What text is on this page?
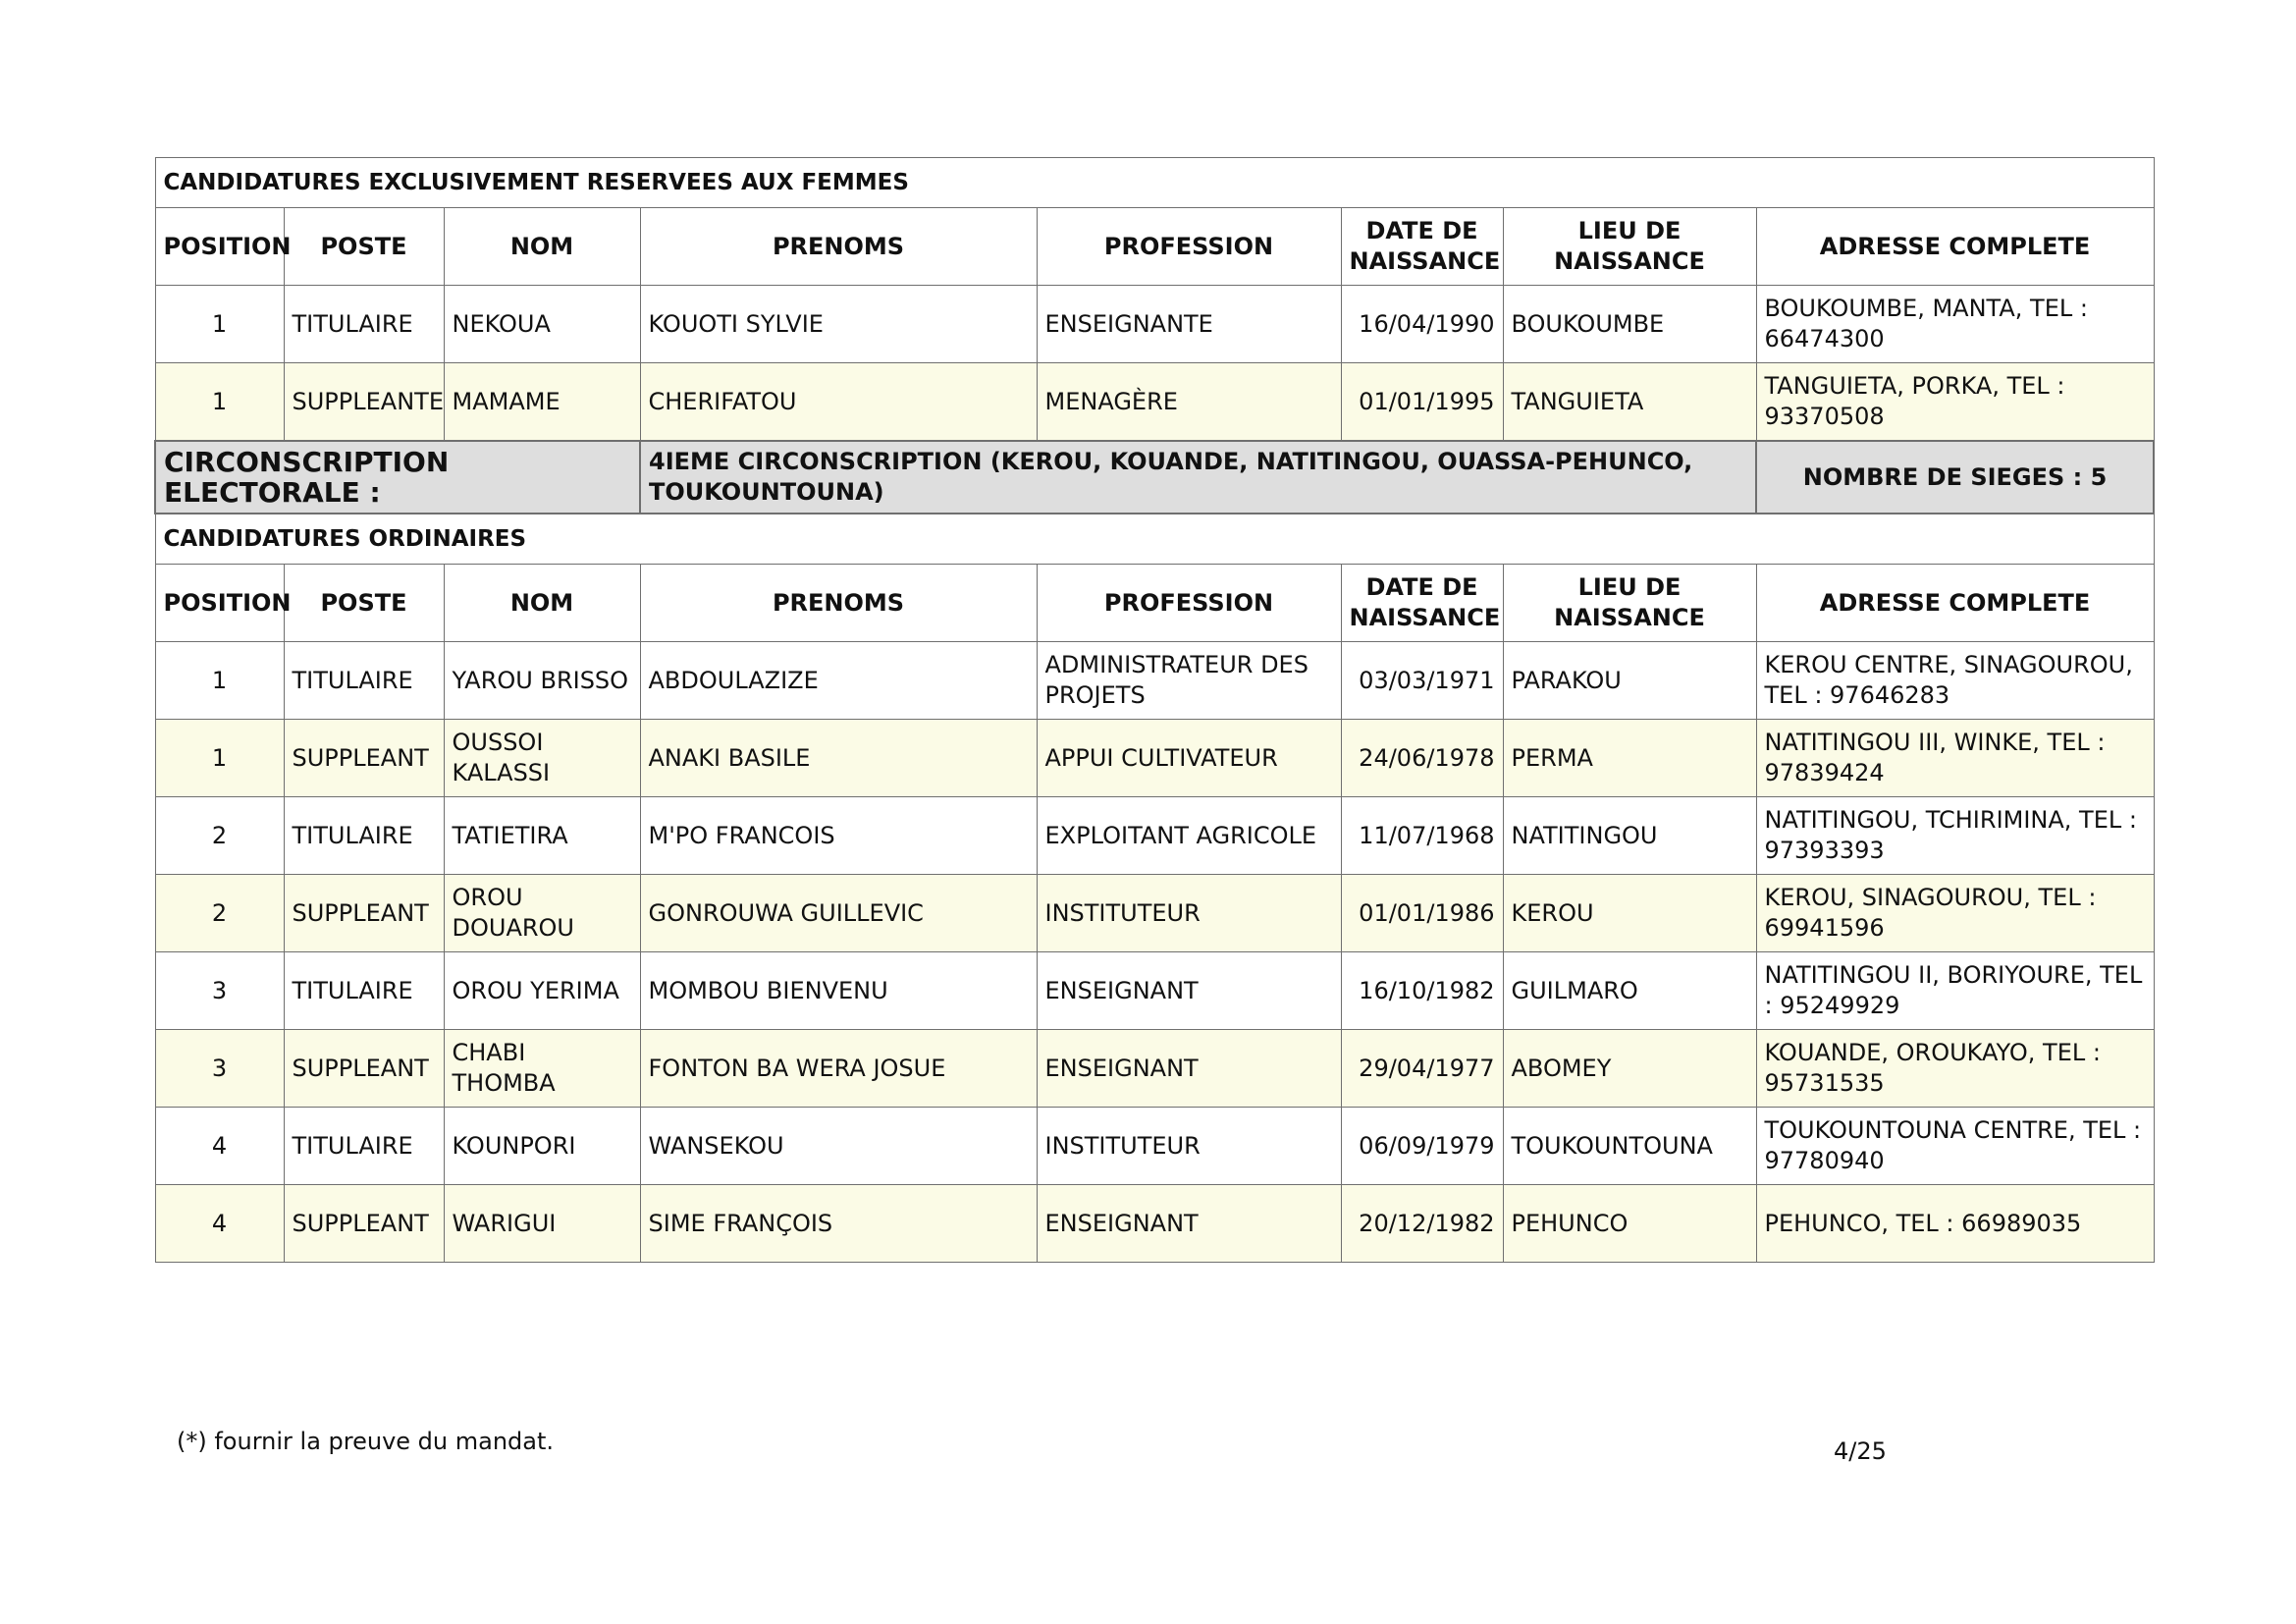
CANDIDATURES EXCLUSIVEMENT RESERVEES AUX FEMMES							
POSITION	POSTE	NOM	PRENOMS	PROFESSION	DATE DE NAISSANCE	LIEU DE NAISSANCE	ADRESSE COMPLETE
1	TITULAIRE	NEKOUA	KOUOTI SYLVIE	ENSEIGNANTE	16/04/1990	BOUKOUMBE	BOUKOUMBE, MANTA, TEL : 66474300
1	SUPPLEANTE	MAMAME	CHERIFATOU	MENAGÈRE	01/01/1995	TANGUIETA	TANGUIETA, PORKA, TEL : 93370508
CIRCONSCRIPTION ELECTORALE :			4IEME CIRCONSCRIPTION (KEROU, KOUANDE, NATITINGOU, OUASSA-PEHUNCO, TOUKOUNTOUNA)				NOMBRE DE SIEGES : 5
CANDIDATURES ORDINAIRES							
POSITION	POSTE	NOM	PRENOMS	PROFESSION	DATE DE NAISSANCE	LIEU DE NAISSANCE	ADRESSE COMPLETE
1	TITULAIRE	YAROU BRISSO	ABDOULAZIZE	ADMINISTRATEUR DES PROJETS	03/03/1971	PARAKOU	KEROU CENTRE, SINAGOUROU, TEL : 97646283
1	SUPPLEANT	OUSSOI KALASSI	ANAKI BASILE	APPUI CULTIVATEUR	24/06/1978	PERMA	NATITINGOU III, WINKE, TEL : 97839424
2	TITULAIRE	TATIETIRA	M'PO FRANCOIS	EXPLOITANT AGRICOLE	11/07/1968	NATITINGOU	NATITINGOU, TCHIRIMINA, TEL : 97393393
2	SUPPLEANT	OROU DOUAROU	GONROUWA GUILLEVIC	INSTITUTEUR	01/01/1986	KEROU	KEROU, SINAGOUROU, TEL : 69941596
3	TITULAIRE	OROU YERIMA	MOMBOU BIENVENU	ENSEIGNANT	16/10/1982	GUILMARO	NATITINGOU II, BORIYOURE, TEL : 95249929
3	SUPPLEANT	CHABI THOMBA	FONTON BA WERA JOSUE	ENSEIGNANT	29/04/1977	ABOMEY	KOUANDE, OROUKAYO, TEL : 95731535
4	TITULAIRE	KOUNPORI	WANSEKOU	INSTITUTEUR	06/09/1979	TOUKOUNTOUNA	TOUKOUNTOUNA CENTRE, TEL : 97780940
4	SUPPLEANT	WARIGUI	SIME FRANÇOIS	ENSEIGNANT	20/12/1982	PEHUNCO	PEHUNCO, TEL : 66989035
(*) fournir la preuve du mandat.	4/25
